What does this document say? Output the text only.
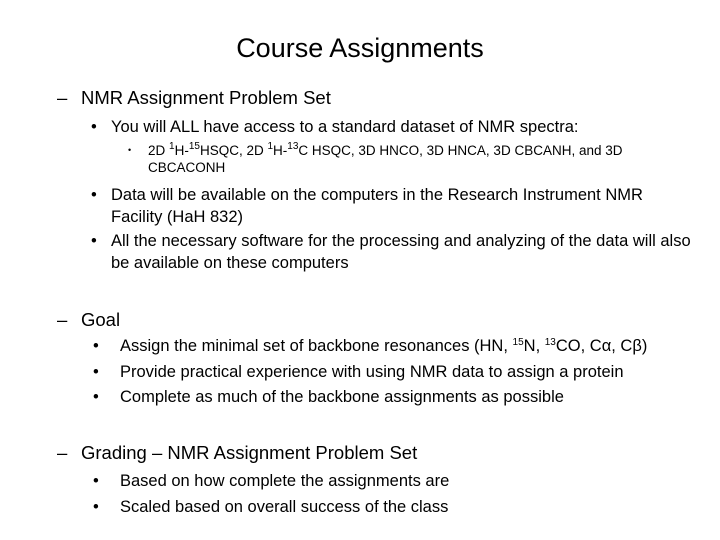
Course Assignments
– NMR Assignment Problem Set
• You will ALL have access to a standard dataset of NMR spectra:
•	2D $^1$H-$^{15}$HSQC, 2D $^1$H-$^{13}$C HSQC, 3D HNCO, 3D HNCA, 3D CBCANH, and 3D CBCACONH
• Data will be available on the computers in the Research Instrument NMR Facility (HaH 832)
• All the necessary software for the processing and analyzing of the data will also be available on these computers
– Goal
•	Assign the minimal set of backbone resonances (HN, $^{15}$N, $^{13}$CO, Cα, Cβ)
•	Provide practical experience with using NMR data to assign a protein
•	Complete as much of the backbone assignments as possible
– Grading – NMR Assignment Problem Set
•	Based on how complete the assignments are
•	Scaled based on overall success of the class
